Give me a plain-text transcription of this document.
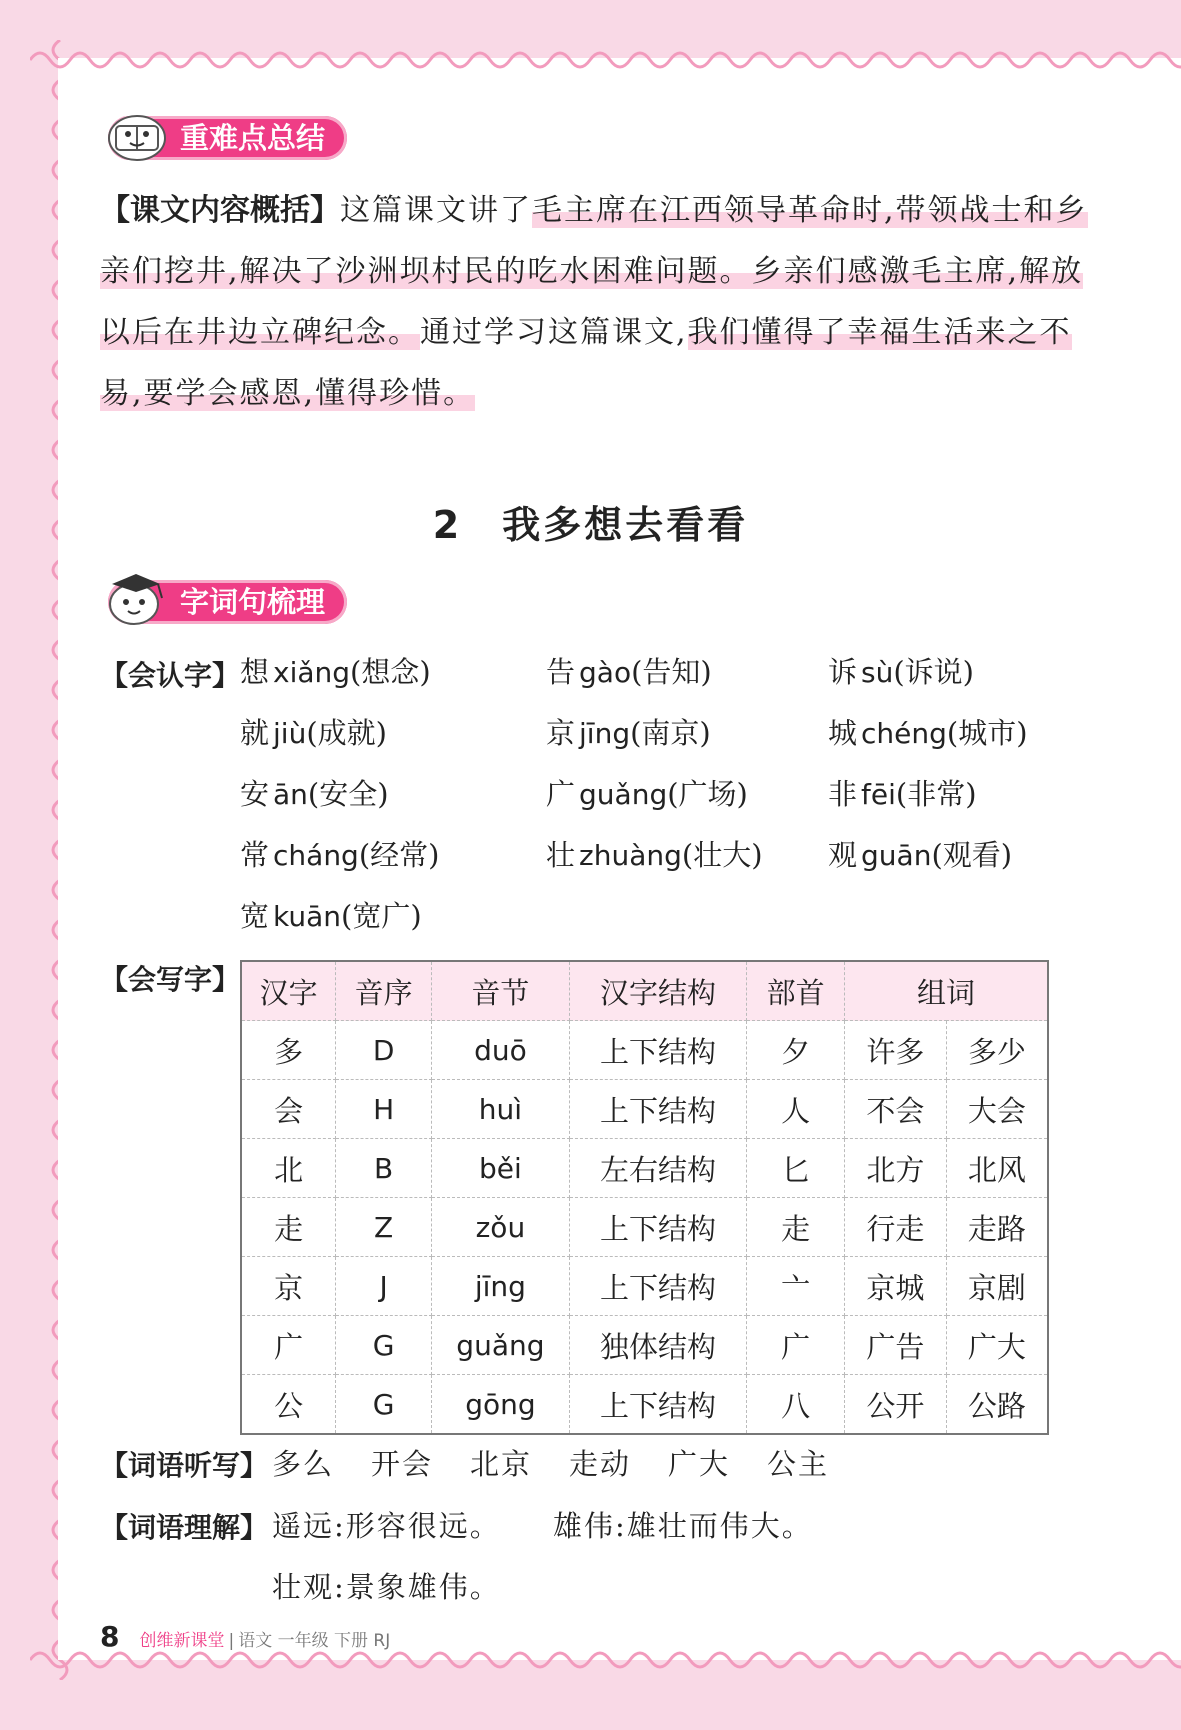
重难点总结
【课文内容概括】这篇课文讲了毛主席在江西领导革命时,带领战士和乡亲们挖井,解决了沙洲坝村民的吃水困难问题。乡亲们感激毛主席,解放以后在井边立碑纪念。通过学习这篇课文,我们懂得了幸福生活来之不易,要学会感恩,懂得珍惜。
2 我多想去看看
字词句梳理
【会认字】 想 xiǎng(想念)	告 gào(告知)	诉 sù(诉说)
就 jiù(成就)	京 jīng(南京)	城 chéng(城市)
安 ān(安全)	广 guǎng(广场)	非 fēi(非常)
常 cháng(经常)	壮 zhuàng(壮大) 观 guān(观看)
宽 kuān(宽广)
【会写字】 汉字	音序	音节	汉字结构	部首	组词	
多	D	duō	上下结构	夕	许多	多少
会	H	huì	上下结构	人	不会	大会
北	B	běi	左右结构	匕	北方	北风
走	Z	zǒu	上下结构	走	行走	走路
京	J	jīng	上下结构	亠	京城	京剧
广	G	guǎng	独体结构	广	广告	广大
公	G	gōng	上下结构	八	公开	公路
【词语听写】 多么 开会 北京 走动 广大 公主
【词语理解】 遥远:形容很远。 雄伟:雄壮而伟大。
壮观:景象雄伟。
8 创维新课堂 | 语文 一年级 下册 RJ
